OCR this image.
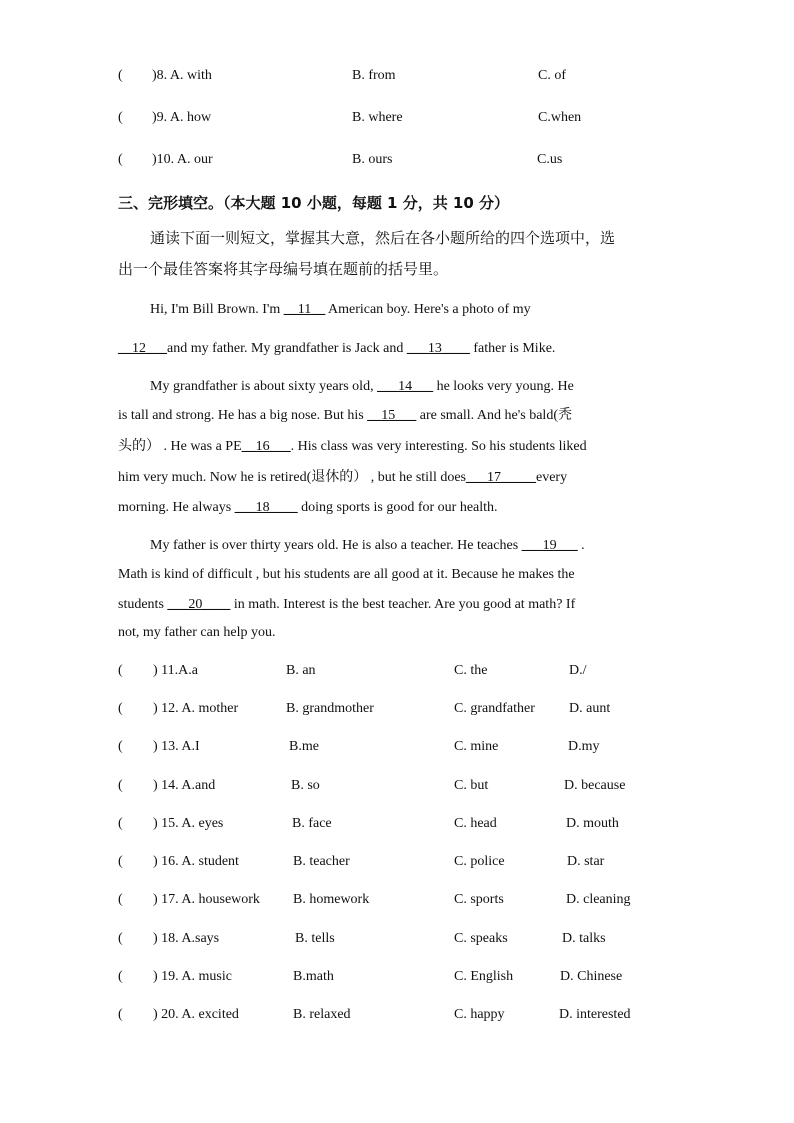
( )8. A. with	B. from	C. of
( )9. A. how	B. where	C.when
( )10. A. our	B. ours	C.us
三、完形填空。（本大题 10 小题，每题 1 分，共 10 分）
通读下面一则短文，掌握其大意，然后在各小题所给的四个选项中，选
出一个最佳答案将其字母编号填在题前的括号里。
Hi, I'm Bill Brown. I'm __11__ American boy. Here's a photo of my
__12___and my father. My grandfather is Jack and ___13____ father is Mike.
My grandfather is about sixty years old, ___14___ he looks very young. He
is tall and strong. He has a big nose. But his __15___ are small. And he's bald(秃
头的） . He was a PE__16___. His class was very interesting. So his students liked
him very much. Now he is retired(退休的） , but he still does___17_____every
morning. He always ___18____ doing sports is good for our health.
My father is over thirty years old. He is also a teacher. He teaches ___19___ .
Math is kind of difficult , but his students are all good at it. Because he makes the
students ___20____ in math. Interest is the best teacher. Are you good at math? If
not, my father can help you.
( ) 11.A.a	B. an	C. the	D./
( ) 12. A. mother	B. grandmother	C. grandfather D. aunt
( ) 13. A.I	B.me	C. mine	D.my
( ) 14. A.and	B. so	C. but	D. because
( ) 15. A. eyes	B. face	C. head	D. mouth
( ) 16. A. student	B. teacher	C. police	D. star
( ) 17. A. housework B. homework	C. sports	D. cleaning
( ) 18. A.says	B. tells	C. speaks	D. talks
( ) 19. A. music	B.math	C. English	D. Chinese
( ) 20. A. excited	B. relaxed	C. happy	D. interested
